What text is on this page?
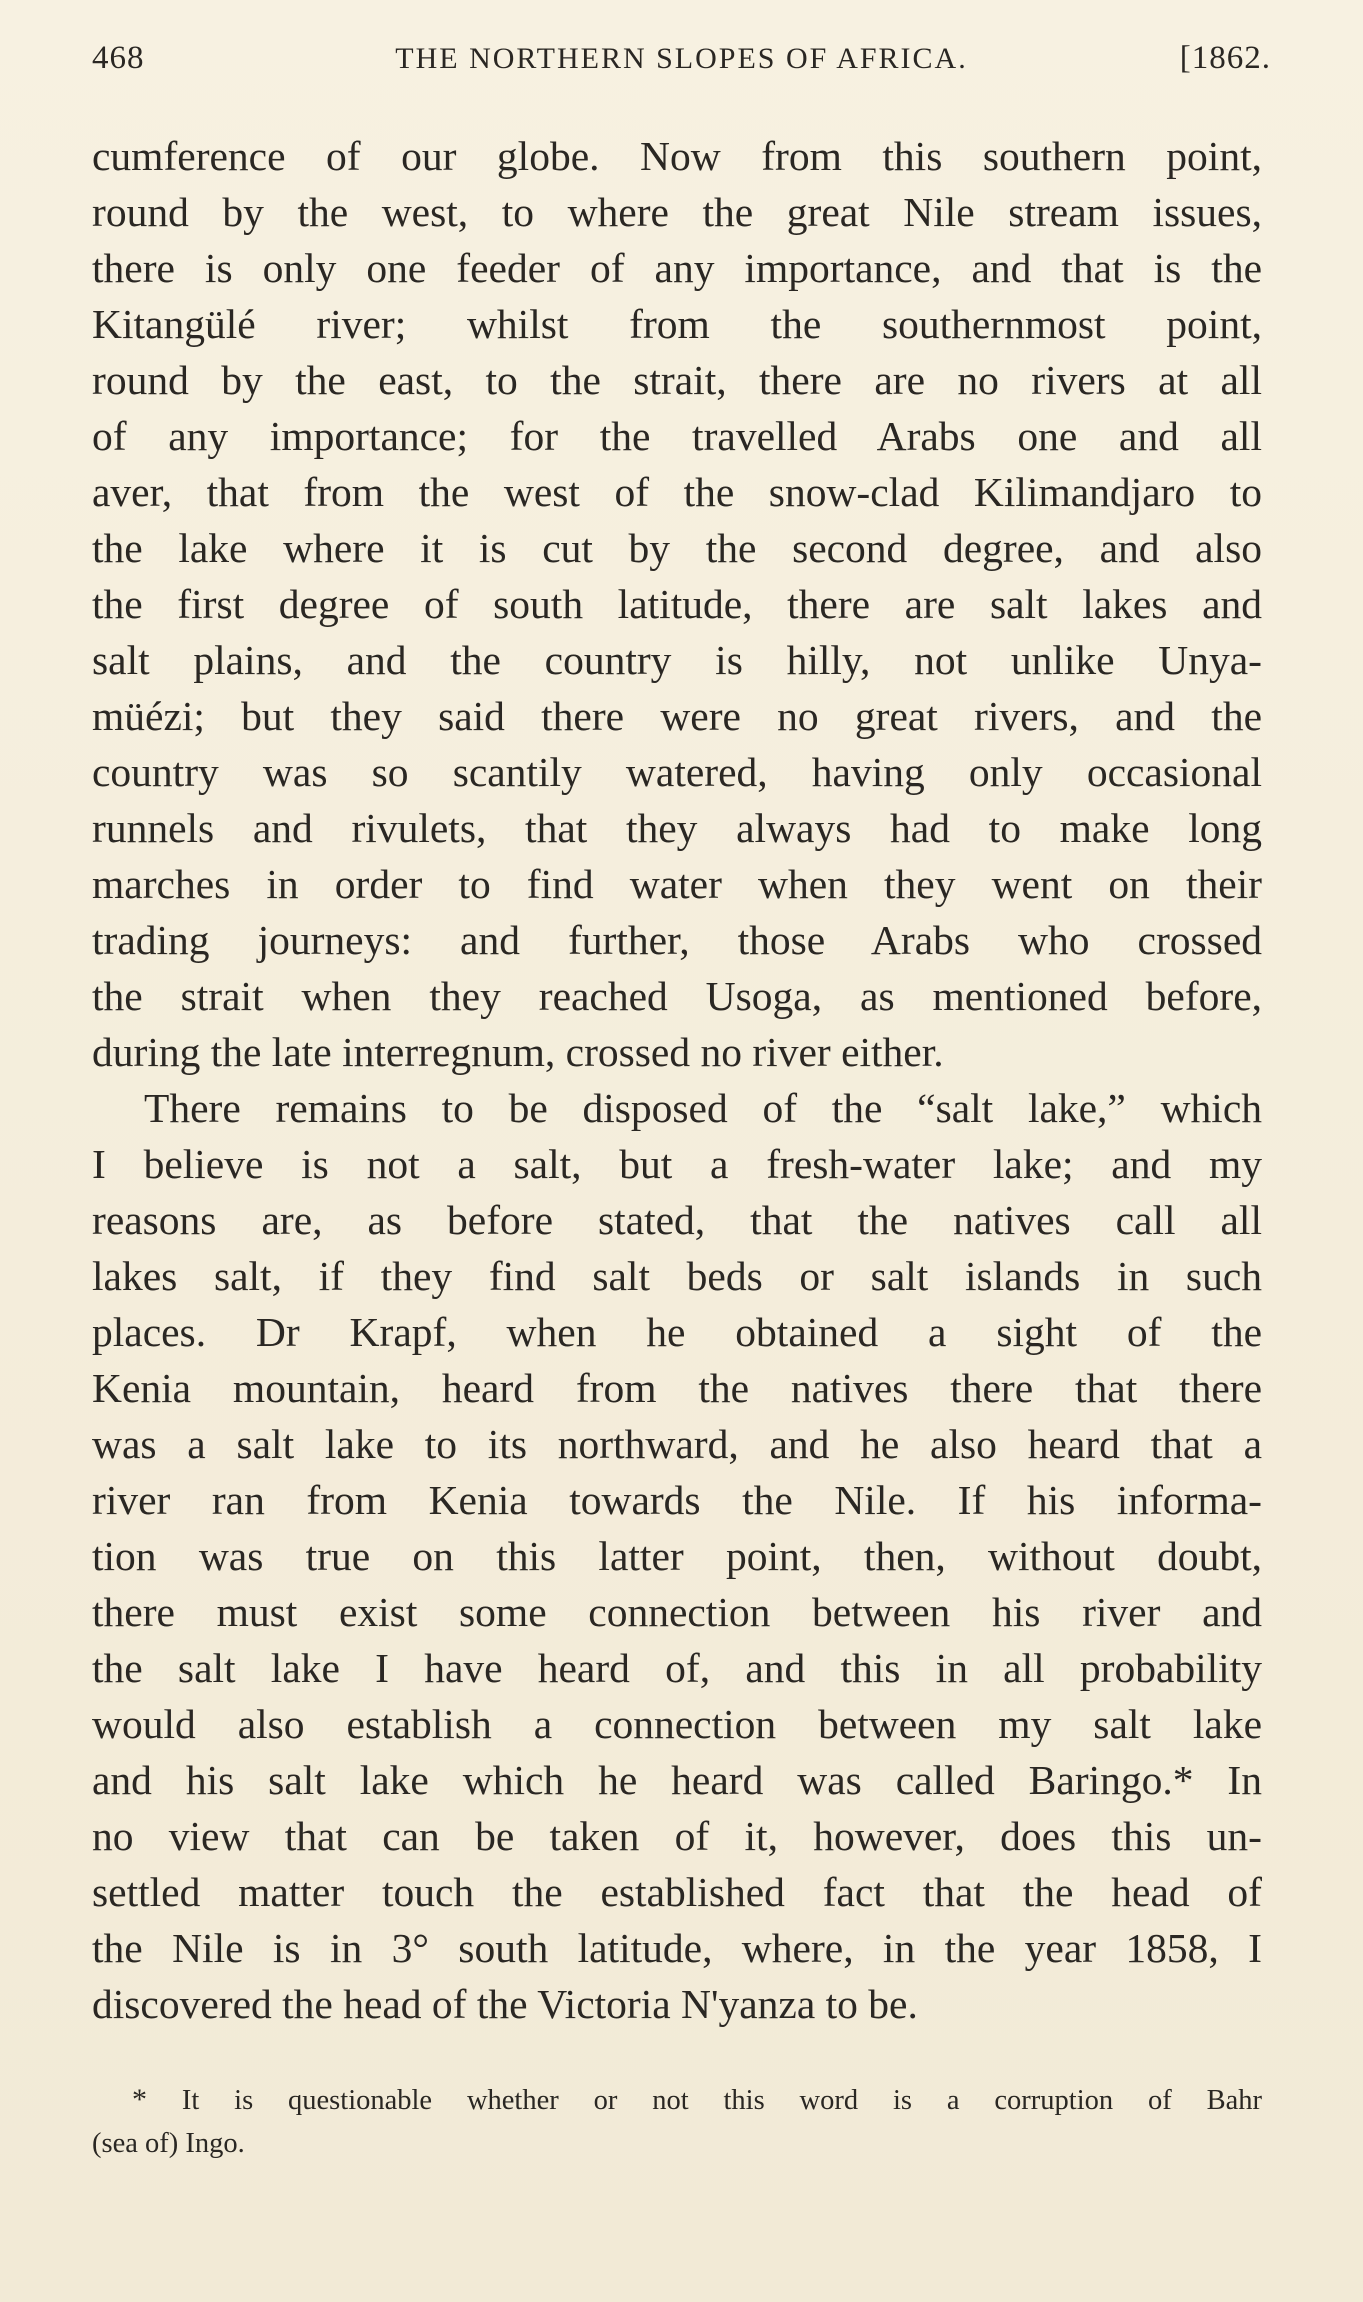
468	THE NORTHERN SLOPES OF AFRICA.	[1862.
cumference of our globe. Now from this southern point,
round by the west, to where the great Nile stream issues,
there is only one feeder of any importance, and that is the
Kitangülé river; whilst from the southernmost point,
round by the east, to the strait, there are no rivers at all
of any importance; for the travelled Arabs one and all
aver, that from the west of the snow-clad Kilimandjaro to
the lake where it is cut by the second degree, and also
the first degree of south latitude, there are salt lakes and
salt plains, and the country is hilly, not unlike Unya-
müézi; but they said there were no great rivers, and the
country was so scantily watered, having only occasional
runnels and rivulets, that they always had to make long
marches in order to find water when they went on their
trading journeys: and further, those Arabs who crossed
the strait when they reached Usoga, as mentioned before,
during the late interregnum, crossed no river either.
There remains to be disposed of the “salt lake,” which
I believe is not a salt, but a fresh-water lake; and my
reasons are, as before stated, that the natives call all
lakes salt, if they find salt beds or salt islands in such
places. Dr Krapf, when he obtained a sight of the
Kenia mountain, heard from the natives there that there
was a salt lake to its northward, and he also heard that a
river ran from Kenia towards the Nile. If his informa-
tion was true on this latter point, then, without doubt,
there must exist some connection between his river and
the salt lake I have heard of, and this in all probability
would also establish a connection between my salt lake
and his salt lake which he heard was called Baringo.* In
no view that can be taken of it, however, does this un-
settled matter touch the established fact that the head of
the Nile is in 3° south latitude, where, in the year 1858, I
discovered the head of the Victoria N'yanza to be.
* It is questionable whether or not this word is a corruption of Bahr
(sea of) Ingo.
